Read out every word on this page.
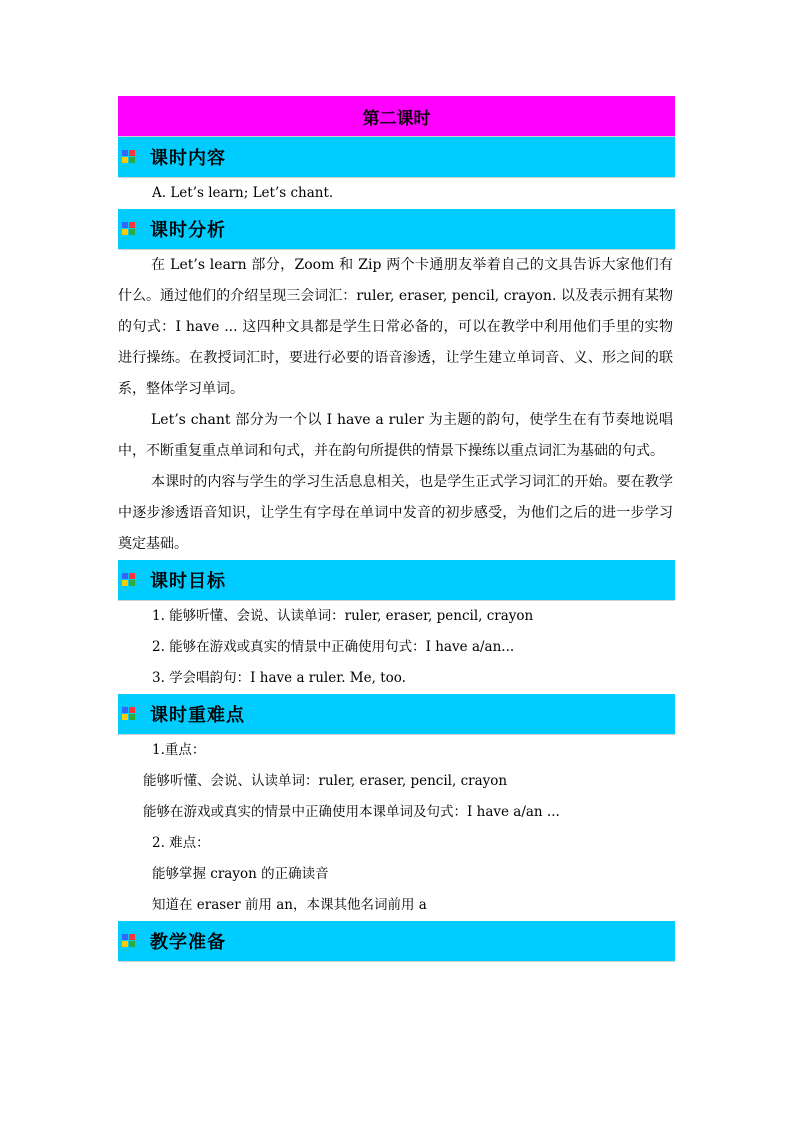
第二课时
课时内容
A. Let’s learn; Let’s chant.
课时分析
在 Let’s learn 部分，Zoom 和 Zip 两个卡通朋友举着自己的文具告诉大家他们有什么。通过他们的介绍呈现三会词汇：ruler, eraser, pencil, crayon. 以及表示拥有某物的句式：I have ... 这四种文具都是学生日常必备的，可以在教学中利用他们手里的实物进行操练。在教授词汇时，要进行必要的语音渗透，让学生建立单词音、义、形之间的联系，整体学习单词。
Let’s chant 部分为一个以 I have a ruler 为主题的韵句，使学生在有节奏地说唱中，不断重复重点单词和句式，并在韵句所提供的情景下操练以重点词汇为基础的句式。
本课时的内容与学生的学习生活息息相关，也是学生正式学习词汇的开始。要在教学中逐步渗透语音知识，让学生有字母在单词中发音的初步感受，为他们之后的进一步学习奠定基础。
课时目标
1. 能够听懂、会说、认读单词：ruler, eraser, pencil, crayon
2. 能够在游戏或真实的情景中正确使用句式：I have a/an...
3. 学会唱韵句：I have a ruler. Me, too.
课时重难点
1.重点：
能够听懂、会说、认读单词：ruler, eraser, pencil, crayon
能够在游戏或真实的情景中正确使用本课单词及句式：I have a/an ...
2. 难点：
能够掌握 crayon 的正确读音
知道在 eraser 前用 an，本课其他名词前用 a
教学准备
